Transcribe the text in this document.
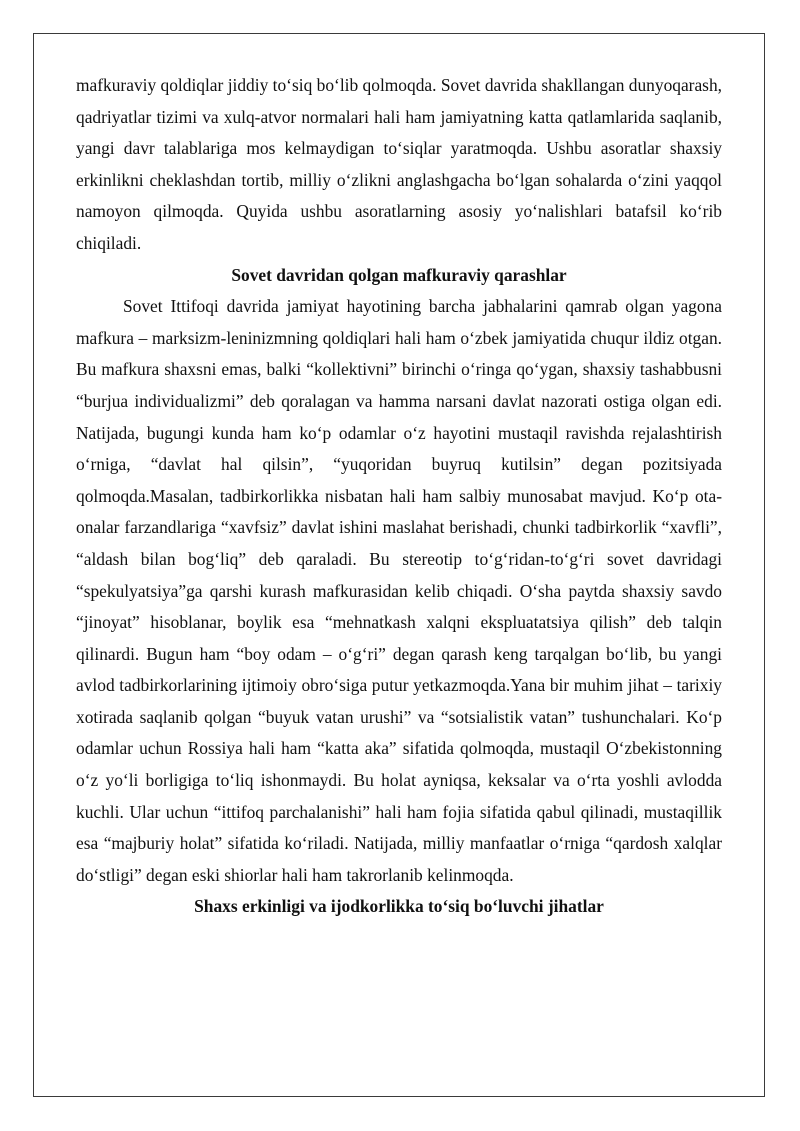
mafkuraviy qoldiqlar jiddiy to‘siq bo‘lib qolmoqda. Sovet davrida shakllangan dunyoqarash, qadriyatlar tizimi va xulq-atvor normalari hali ham jamiyatning katta qatlamlarida saqlanib, yangi davr talablariga mos kelmaydigan to‘siqlar yaratmoqda. Ushbu asoratlar shaxsiy erkinlikni cheklashdan tortib, milliy o‘zlikni anglashgacha bo‘lgan sohalarda o‘zini yaqqol namoyon qilmoqda. Quyida ushbu asoratlarning asosiy yo‘nalishlari batafsil ko‘rib chiqiladi.

Sovet davridan qolgan mafkuraviy qarashlar

Sovet Ittifoqi davrida jamiyat hayotining barcha jabhalarini qamrab olgan yagona mafkura – marksizm-leninizmning qoldiqlari hali ham o‘zbek jamiyatida chuqur ildiz otgan. Bu mafkura shaxsni emas, balki “kollektivni” birinchi o‘ringa qo‘ygan, shaxsiy tashabbusni “burjua individualizmi” deb qoralagan va hamma narsani davlat nazorati ostiga olgan edi. Natijada, bugungi kunda ham ko‘p odamlar o‘z hayotini mustaqil ravishda rejalashtirish o‘rniga, “davlat hal qilsin”, “yuqoridan buyruq kutilsin” degan pozitsiyada qolmoqda.Masalan, tadbirkorlikka nisbatan hali ham salbiy munosabat mavjud. Ko‘p ota-onalar farzandlariga “xavfsiz” davlat ishini maslahat berishadi, chunki tadbirkorlik “xavfli”, “aldash bilan bog‘liq” deb qaraladi. Bu stereotip to‘g‘ridan-to‘g‘ri sovet davridagi “spekulyatsiya”ga qarshi kurash mafkurasidan kelib chiqadi. O‘sha paytda shaxsiy savdo “jinoyat” hisoblanar, boylik esa “mehnatkash xalqni ekspluatatsiya qilish” deb talqin qilinardi. Bugun ham “boy odam – o‘g‘ri” degan qarash keng tarqalgan bo‘lib, bu yangi avlod tadbirkorlarining ijtimoiy obro‘siga putur yetkazmoqda.Yana bir muhim jihat – tarixiy xotirada saqlanib qolgan “buyuk vatan urushi” va “sotsialistik vatan” tushunchalari. Ko‘p odamlar uchun Rossiya hali ham “katta aka” sifatida qolmoqda, mustaqil O‘zbekistonning o‘z yo‘li borligiga to‘liq ishonmaydi. Bu holat ayniqsa, keksalar va o‘rta yoshli avlodda kuchli. Ular uchun “ittifoq parchalanishi” hali ham fojia sifatida qabul qilinadi, mustaqillik esa “majburiy holat” sifatida ko‘riladi. Natijada, milliy manfaatlar o‘rniga “qardosh xalqlar do‘stligi” degan eski shiorlar hali ham takrorlanib kelinmoqda.

Shaxs erkinligi va ijodkorlikka to‘siq bo‘luvchi jihatlar
